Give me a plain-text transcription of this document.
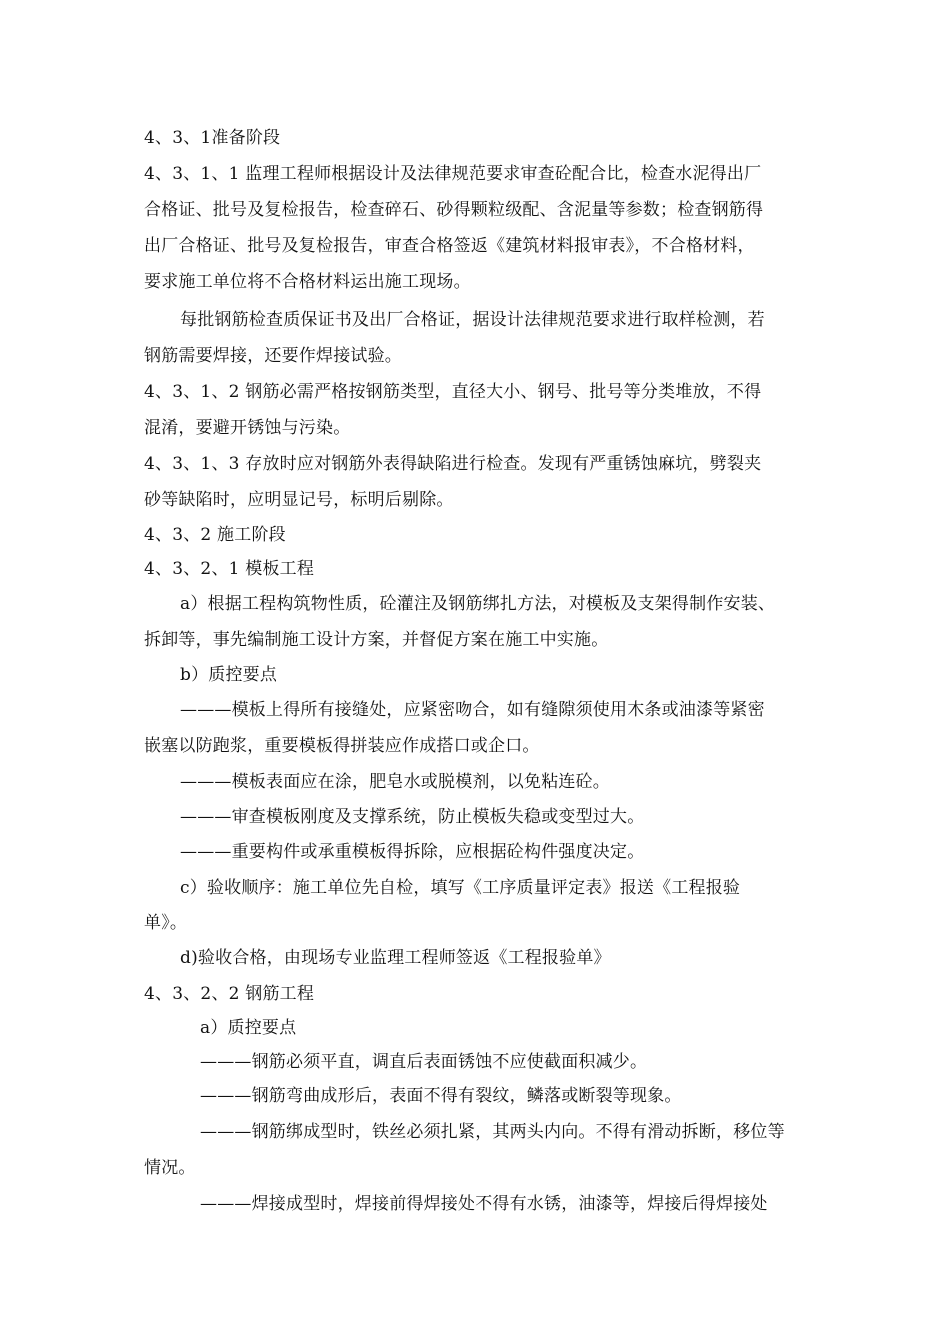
4、3、1准备阶段
4、3、1、1 监理工程师根据设计及法律规范要求审查砼配合比，检查水泥得出厂
合格证、批号及复检报告，检查碎石、砂得颗粒级配、含泥量等参数；检查钢筋得
出厂合格证、批号及复检报告，审查合格签返《建筑材料报审表》，不合格材料，
要求施工单位将不合格材料运出施工现场。
每批钢筋检查质保证书及出厂合格证，据设计法律规范要求进行取样检测，若
钢筋需要焊接，还要作焊接试验。
4、3、1、2 钢筋必需严格按钢筋类型，直径大小、钢号、批号等分类堆放，不得
混淆，要避开锈蚀与污染。
4、3、1、3 存放时应对钢筋外表得缺陷进行检查。发现有严重锈蚀麻坑，劈裂夹
砂等缺陷时，应明显记号，标明后剔除。
4、3、2 施工阶段
4、3、2、1 模板工程
a）根据工程构筑物性质，砼灌注及钢筋绑扎方法，对模板及支架得制作安装、
拆卸等，事先编制施工设计方案，并督促方案在施工中实施。
b）质控要点
———模板上得所有接缝处，应紧密吻合，如有缝隙须使用木条或油漆等紧密
嵌塞以防跑浆，重要模板得拼装应作成搭口或企口。
———模板表面应在涂，肥皂水或脱模剂，以免粘连砼。
———审查模板刚度及支撑系统，防止模板失稳或变型过大。
———重要构件或承重模板得拆除，应根据砼构件强度决定。
c）验收顺序：施工单位先自检，填写《工序质量评定表》报送《工程报验
单》。
d)验收合格，由现场专业监理工程师签返《工程报验单》
4、3、2、2 钢筋工程
a）质控要点
———钢筋必须平直，调直后表面锈蚀不应使截面积减少。
———钢筋弯曲成形后，表面不得有裂纹，鳞落或断裂等现象。
———钢筋绑成型时，铁丝必须扎紧，其两头内向。不得有滑动拆断，移位等
情况。
———焊接成型时，焊接前得焊接处不得有水锈，油漆等，焊接后得焊接处
